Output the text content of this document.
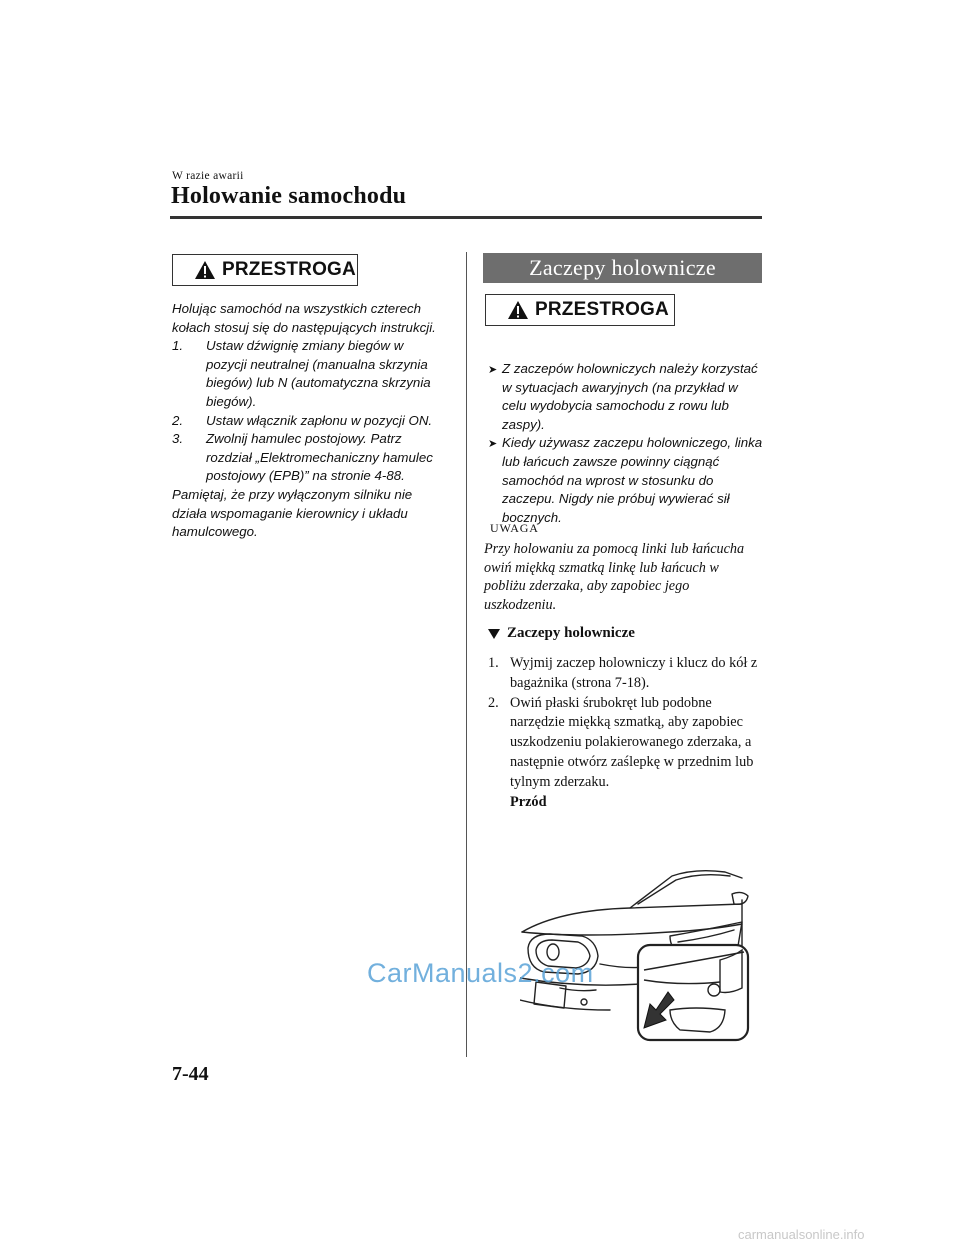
W razie awarii
Holowanie samochodu
PRZESTROGA

Holując samochód na wszystkich czterech kołach stosuj się do następujących instrukcji.

1.	Ustaw dźwignię zmiany biegów w pozycji neutralnej (manualna skrzynia biegów) lub N (automatyczna skrzynia biegów).
2.	Ustaw włącznik zapłonu w pozycji ON.
3.	Zwolnij hamulec postojowy. Patrz rozdział „Elektromechaniczny hamulec postojowy (EPB)” na stronie 4-88.

Pamiętaj, że przy wyłączonym silniku nie działa wspomaganie kierownicy i układu hamulcowego.

Zaczepy holownicze
PRZESTROGA
➤ Z zaczepów holowniczych należy korzystać w sytuacjach awaryjnych (na przykład w celu wydobycia samochodu z rowu lub zaspy).
➤ Kiedy używasz zaczepu holowniczego, linka lub łańcuch zawsze powinny ciągnąć samochód na wprost w stosunku do zaczepu. Nigdy nie próbuj wywierać sił bocznych.
UWAGA
Przy holowaniu za pomocą linki lub łańcucha owiń miękką szmatką linkę lub łańcuch w pobliżu zderzaka, aby zapobiec jego uszkodzeniu.
Zaczepy holownicze
1. Wyjmij zaczep holowniczy i klucz do kół z bagażnika (strona 7-18).
2. Owiń płaski śrubokręt lub podobne narzędzie miękką szmatką, aby zapobiec uszkodzeniu polakierowanego zderzaka, a następnie otwórz zaślepkę w przednim lub tylnym zderzaku.
Przód
CarManuals2.com
7-44
carmanualsonline.info
